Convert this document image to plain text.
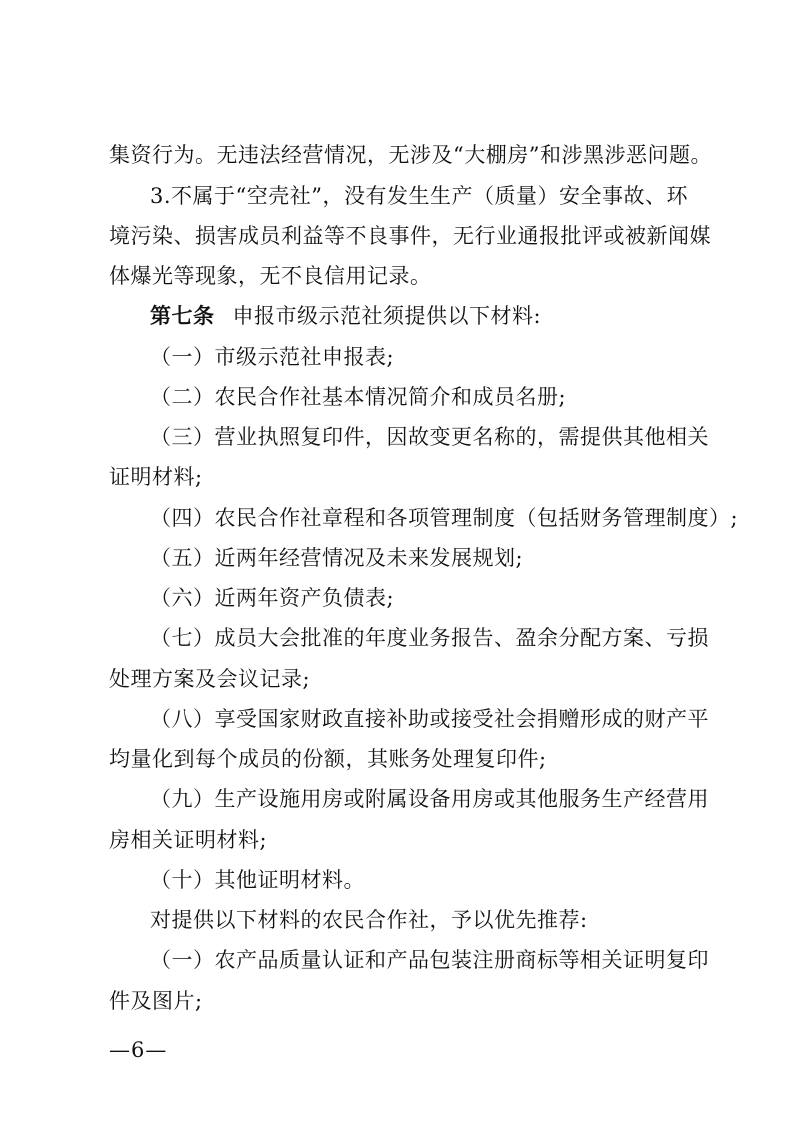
集资行为。无违法经营情况，无涉及“大棚房”和涉黑涉恶问题。
3.不属于“空壳社”，没有发生生产（质量）安全事故、环
境污染、损害成员利益等不良事件，无行业通报批评或被新闻媒
体爆光等现象，无不良信用记录。
第七条 申报市级示范社须提供以下材料:
（一）市级示范社申报表;
（二）农民合作社基本情况简介和成员名册;
（三）营业执照复印件，因故变更名称的，需提供其他相关
证明材料;
（四）农民合作社章程和各项管理制度（包括财务管理制度）;
（五）近两年经营情况及未来发展规划;
（六）近两年资产负债表;
（七）成员大会批准的年度业务报告、盈余分配方案、亏损
处理方案及会议记录;
（八）享受国家财政直接补助或接受社会捐赠形成的财产平
均量化到每个成员的份额，其账务处理复印件;
（九）生产设施用房或附属设备用房或其他服务生产经营用
房相关证明材料;
（十）其他证明材料。
对提供以下材料的农民合作社，予以优先推荐:
（一）农产品质量认证和产品包装注册商标等相关证明复印
件及图片;
—6—
